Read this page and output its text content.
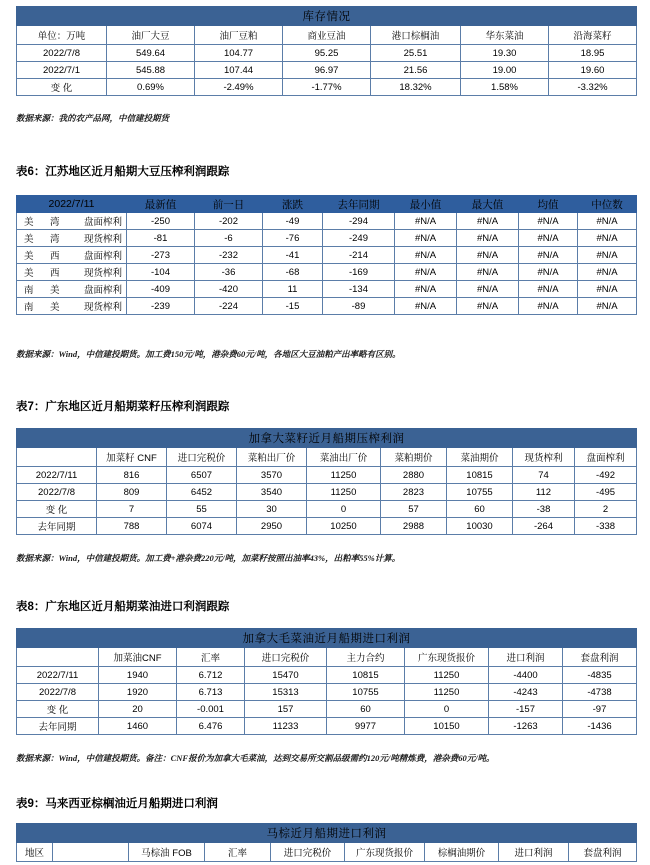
库存情况						
单位：万吨	油厂大豆	油厂豆粕	商业豆油	港口棕榈油	华东菜油	沿海菜籽
2022/7/8	549.64	104.77	95.25	25.51	19.30	18.95
2022/7/1	545.88	107.44	96.97	21.56	19.00	19.60
变 化	0.69%	-2.49%	-1.77%	18.32%	1.58%	-3.32%
数据来源：我的农产品网，中信建投期货
表6：江苏地区近月船期大豆压榨利润跟踪
2022/7/11	最新值	前一日	涨跌	去年同期	最小值	最大值	均值	中位数

美 湾 盘面榨利	-250	-202	-49	-294	#N/A	#N/A	#N/A	#N/A

美 湾 现货榨利	-81	-6	-76	-249	#N/A	#N/A	#N/A	#N/A

美 西 盘面榨利	-273	-232	-41	-214	#N/A	#N/A	#N/A	#N/A

美 西 现货榨利	-104	-36	-68	-169	#N/A	#N/A	#N/A	#N/A

南 美 盘面榨利	-409	-420	11	-134	#N/A	#N/A	#N/A	#N/A

南 美 现货榨利	-239	-224	-15	-89	#N/A	#N/A	#N/A	#N/A
数据来源：Wind，中信建投期货。加工费150元/吨，港杂费60元/吨，各地区大豆油粕产出率略有区别。
表7：广东地区近月船期菜籽压榨利润跟踪
加拿大菜籽近月船期压榨利润								
	加菜籽 CNF	进口完税价	菜粕出厂价	菜油出厂价	菜粕期价	菜油期价	现货榨利	盘面榨利
2022/7/11	816	6507	3570	11250	2880	10815	74	-492
2022/7/8	809	6452	3540	11250	2823	10755	112	-495
变 化	7	55	30	0	57	60	-38	2
去年同期	788	6074	2950	10250	2988	10030	-264	-338
数据来源：Wind，中信建投期货。加工费+港杂费220元/吨，加菜籽按照出油率43%，出粕率55%计算。
表8：广东地区近月船期菜油进口利润跟踪
加拿大毛菜油近月船期进口利润							
	加菜油CNF	汇率	进口完税价	主力合约	广东现货报价	进口利润	套盘利润
2022/7/11	1940	6.712	15470	10815	11250	-4400	-4835
2022/7/8	1920	6.713	15313	10755	11250	-4243	-4738
变 化	20	-0.001	157	60	0	-157	-97
去年同期	1460	6.476	11233	9977	10150	-1263	-1436
数据来源：Wind，中信建投期货。备注：CNF报价为加拿大毛菜油，达到交易所交割品级需约120元/吨精炼费，港杂费60元/吨。
表9：马来西亚棕榈油近月船期进口利润
马棕近月船期进口利润
地区		马棕油 FOB	汇率	进口完税价	广东现货报价	棕榈油期价	进口利润	套盘利润
